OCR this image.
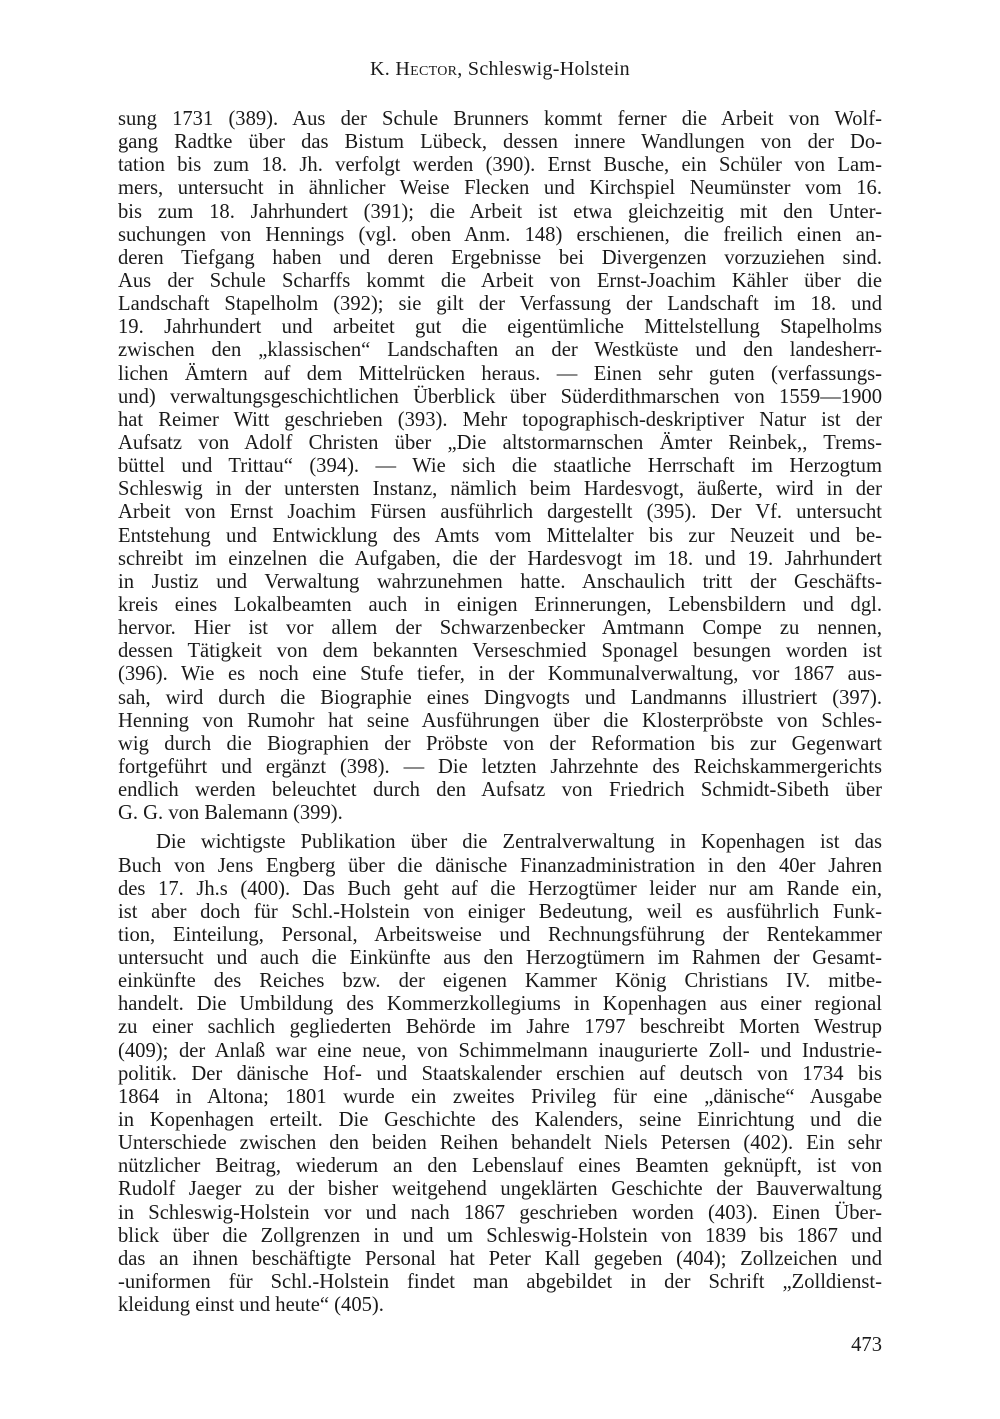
K. Hector, Schleswig-Holstein
sung 1731 (389). Aus der Schule Brunners kommt ferner die Arbeit von Wolf-
gang Radtke über das Bistum Lübeck, dessen innere Wandlungen von der Do-
tation bis zum 18. Jh. verfolgt werden (390). Ernst Busche, ein Schüler von Lam-
mers, untersucht in ähnlicher Weise Flecken und Kirchspiel Neumünster vom 16.
bis zum 18. Jahrhundert (391); die Arbeit ist etwa gleichzeitig mit den Unter-
suchungen von Hennings (vgl. oben Anm. 148) erschienen, die freilich einen an-
deren Tiefgang haben und deren Ergebnisse bei Divergenzen vorzuziehen sind.
Aus der Schule Scharffs kommt die Arbeit von Ernst-Joachim Kähler über die
Landschaft Stapelholm (392); sie gilt der Verfassung der Landschaft im 18. und
19. Jahrhundert und arbeitet gut die eigentümliche Mittelstellung Stapelholms
zwischen den „klassischen“ Landschaften an der Westküste und den landesherr-
lichen Ämtern auf dem Mittelrücken heraus. — Einen sehr guten (verfassungs-
und) verwaltungsgeschichtlichen Überblick über Süderdithmarschen von 1559—1900
hat Reimer Witt geschrieben (393). Mehr topographisch-deskriptiver Natur ist der
Aufsatz von Adolf Christen über „Die altstormarnschen Ämter Reinbek,, Trems-
büttel und Trittau“ (394). — Wie sich die staatliche Herrschaft im Herzogtum
Schleswig in der untersten Instanz, nämlich beim Hardesvogt, äußerte, wird in der
Arbeit von Ernst Joachim Fürsen ausführlich dargestellt (395). Der Vf. untersucht
Entstehung und Entwicklung des Amts vom Mittelalter bis zur Neuzeit und be-
schreibt im einzelnen die Aufgaben, die der Hardesvogt im 18. und 19. Jahrhundert
in Justiz und Verwaltung wahrzunehmen hatte. Anschaulich tritt der Geschäfts-
kreis eines Lokalbeamten auch in einigen Erinnerungen, Lebensbildern und dgl.
hervor. Hier ist vor allem der Schwarzenbecker Amtmann Compe zu nennen,
dessen Tätigkeit von dem bekannten Verseschmied Sponagel besungen worden ist
(396). Wie es noch eine Stufe tiefer, in der Kommunalverwaltung, vor 1867 aus-
sah, wird durch die Biographie eines Dingvogts und Landmanns illustriert (397).
Henning von Rumohr hat seine Ausführungen über die Klosterpröbste von Schles-
wig durch die Biographien der Pröbste von der Reformation bis zur Gegenwart
fortgeführt und ergänzt (398). — Die letzten Jahrzehnte des Reichskammergerichts
endlich werden beleuchtet durch den Aufsatz von Friedrich Schmidt-Sibeth über
G. G. von Balemann (399).
Die wichtigste Publikation über die Zentralverwaltung in Kopenhagen ist das
Buch von Jens Engberg über die dänische Finanzadministration in den 40er Jahren
des 17. Jh.s (400). Das Buch geht auf die Herzogtümer leider nur am Rande ein,
ist aber doch für Schl.-Holstein von einiger Bedeutung, weil es ausführlich Funk-
tion, Einteilung, Personal, Arbeitsweise und Rechnungsführung der Rentekammer
untersucht und auch die Einkünfte aus den Herzogtümern im Rahmen der Gesamt-
einkünfte des Reiches bzw. der eigenen Kammer König Christians IV. mitbe-
handelt. Die Umbildung des Kommerzkollegiums in Kopenhagen aus einer regional
zu einer sachlich gegliederten Behörde im Jahre 1797 beschreibt Morten Westrup
(409); der Anlaß war eine neue, von Schimmelmann inaugurierte Zoll- und Industrie-
politik. Der dänische Hof- und Staatskalender erschien auf deutsch von 1734 bis
1864 in Altona; 1801 wurde ein zweites Privileg für eine „dänische“ Ausgabe
in Kopenhagen erteilt. Die Geschichte des Kalenders, seine Einrichtung und die
Unterschiede zwischen den beiden Reihen behandelt Niels Petersen (402). Ein sehr
nützlicher Beitrag, wiederum an den Lebenslauf eines Beamten geknüpft, ist von
Rudolf Jaeger zu der bisher weitgehend ungeklärten Geschichte der Bauverwaltung
in Schleswig-Holstein vor und nach 1867 geschrieben worden (403). Einen Über-
blick über die Zollgrenzen in und um Schleswig-Holstein von 1839 bis 1867 und
das an ihnen beschäftigte Personal hat Peter Kall gegeben (404); Zollzeichen und
-uniformen für Schl.-Holstein findet man abgebildet in der Schrift „Zolldienst-
kleidung einst und heute“ (405).
473
